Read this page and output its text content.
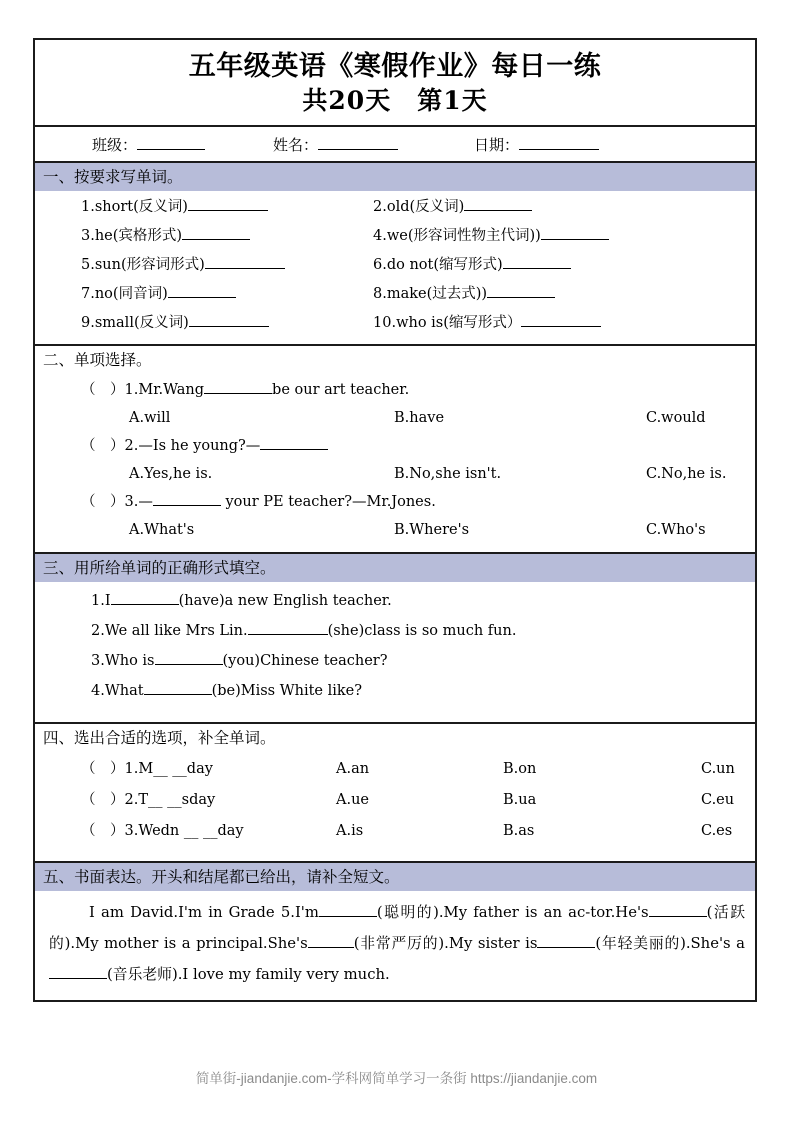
五年级英语《寒假作业》每日一练
共20天　第1天
班级：	姓名：	日期：
一、按要求写单词。
1.short(反义词)	2.old(反义词)
3.he(宾格形式)	4.we(形容词性物主代词))
5.sun(形容词形式)	6.do not(缩写形式)
7.no(同音词)	8.make(过去式))
9.small(反义词)	10.who is(缩写形式）
二、单项选择。
（　）1.Mr.Wang	be our art teacher.
A.will	B.have	C.would
（　）2.—Is he young?—
A.Yes,he is.	B.No,she isn't.	C.No,he is.
（　）3.—	your PE teacher?—Mr.Jones.
A.What's	B.Where's	C.Who's
三、用所给单词的正确形式填空。
1.I	(have)a new English teacher.
2.We all like Mrs Lin.	(she)class is so much fun.
3.Who is	(you)Chinese teacher?
4.What	(be)Miss White like?
四、选出合适的选项，补全单词。
（　）1.M__ __day	A.an	B.on	C.un
（　）2.T__ __sday	A.ue	B.ua	C.eu
（　）3.Wedn __ __day	A.is	B.as	C.es
五、书面表达。开头和结尾都已给出，请补全短文。
I am David.I'm in Grade 5.I'm	(聪明的).My father is an ac-tor.He's	(活跃的).My mother is a principal.She's	(非常严厉的).My sister is	(年轻美丽的).She's a(音乐老师).I love my family very much.
简单街-jiandanjie.com-学科网简单学习一条街 https://jiandanjie.com
